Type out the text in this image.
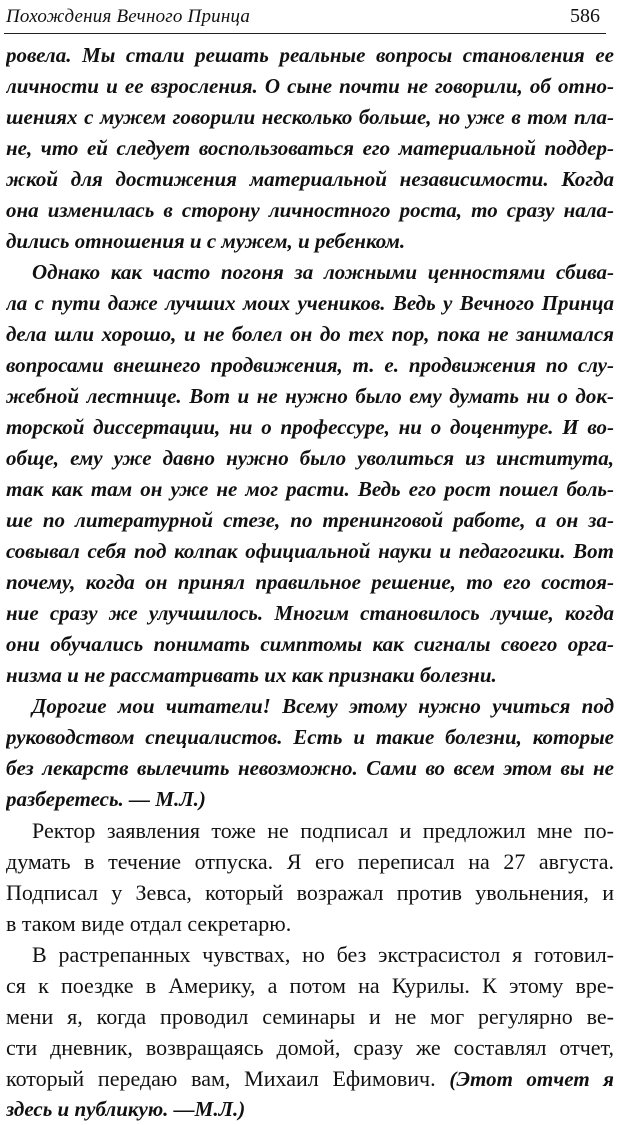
Похождения Вечного Принца	586
ровела. Мы стали решать реальные вопросы становления ее
личности и ее взросления. О сыне почти не говорили, об отно-
шениях с мужем говорили несколько больше, но уже в том пла-
не, что ей следует воспользоваться его материальной поддер-
жкой для достижения материальной независимости. Когда
она изменилась в сторону личностного роста, то сразу нала-
дились отношения и с мужем, и ребенком.
Однако как часто погоня за ложными ценностями сбива-
ла с пути даже лучших моих учеников. Ведь у Вечного Принца
дела шли хорошо, и не болел он до тех пор, пока не занимался
вопросами внешнего продвижения, т. е. продвижения по слу-
жебной лестнице. Вот и не нужно было ему думать ни о док-
торской диссертации, ни о профессуре, ни о доцентуре. И во-
обще, ему уже давно нужно было уволиться из института,
так как там он уже не мог расти. Ведь его рост пошел боль-
ше по литературной стезе, по тренинговой работе, а он за-
совывал себя под колпак официальной науки и педагогики. Вот
почему, когда он принял правильное решение, то его состоя-
ние сразу же улучшилось. Многим становилось лучше, когда
они обучались понимать симптомы как сигналы своего орга-
низма и не рассматривать их как признаки болезни.
Дорогие мои читатели! Всему этому нужно учиться под
руководством специалистов. Есть и такие болезни, которые
без лекарств вылечить невозможно. Сами во всем этом вы не
разберетесь. — М.Л.)
Ректор заявления тоже не подписал и предложил мне по-
думать в течение отпуска. Я его переписал на 27 августа.
Подписал у Зевса, который возражал против увольнения, и
в таком виде отдал секретарю.
В растрепанных чувствах, но без экстрасистол я готовил-
ся к поездке в Америку, а потом на Курилы. К этому вре-
мени я, когда проводил семинары и не мог регулярно ве-
сти дневник, возвращаясь домой, сразу же составлял отчет,
который передаю вам, Михаил Ефимович. (Этот отчет я
здесь и публикую. —М.Л.)
